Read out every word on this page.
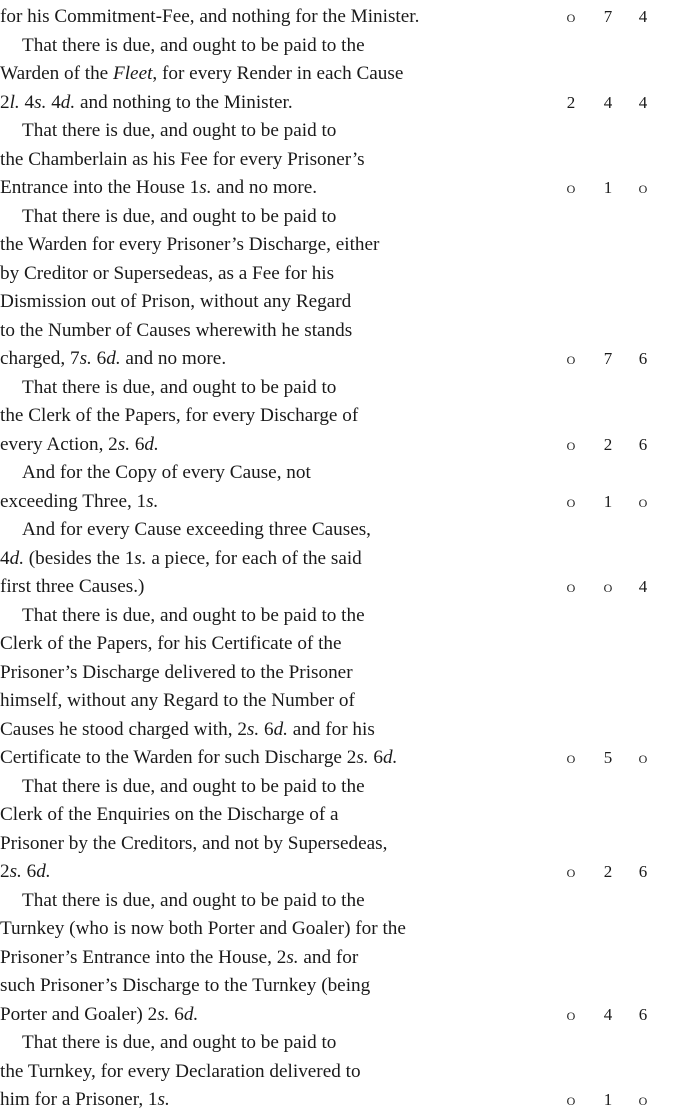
for his Commitment-Fee, and nothing for the Minister.	o	7	4
That there is due, and ought to be paid to the
Warden of the Fleet, for every Render in each Cause
2l. 4s. 4d. and nothing to the Minister.	2	4	4
That there is due, and ought to be paid to
the Chamberlain as his Fee for every Prisoner’s
Entrance into the House 1s. and no more.	o	1	o
That there is due, and ought to be paid to
the Warden for every Prisoner’s Discharge, either
by Creditor or Supersedeas, as a Fee for his
Dismission out of Prison, without any Regard
to the Number of Causes wherewith he stands
charged, 7s. 6d. and no more.	o	7	6
That there is due, and ought to be paid to
the Clerk of the Papers, for every Discharge of
every Action, 2s. 6d.	o	2	6
And for the Copy of every Cause, not
exceeding Three, 1s.	o	1	o
And for every Cause exceeding three Causes,
4d. (besides the 1s. a piece, for each of the said
first three Causes.)	o	o	4
That there is due, and ought to be paid to the
Clerk of the Papers, for his Certificate of the
Prisoner’s Discharge delivered to the Prisoner
himself, without any Regard to the Number of
Causes he stood charged with, 2s. 6d. and for his
Certificate to the Warden for such Discharge 2s. 6d.	o	5	o
That there is due, and ought to be paid to the
Clerk of the Enquiries on the Discharge of a
Prisoner by the Creditors, and not by Supersedeas,
2s. 6d.	o	2	6
That there is due, and ought to be paid to the
Turnkey (who is now both Porter and Goaler) for the
Prisoner’s Entrance into the House, 2s. and for
such Prisoner’s Discharge to the Turnkey (being
Porter and Goaler) 2s. 6d.	o	4	6
That there is due, and ought to be paid to
the Turnkey, for every Declaration delivered to
him for a Prisoner, 1s.	o	1	o
